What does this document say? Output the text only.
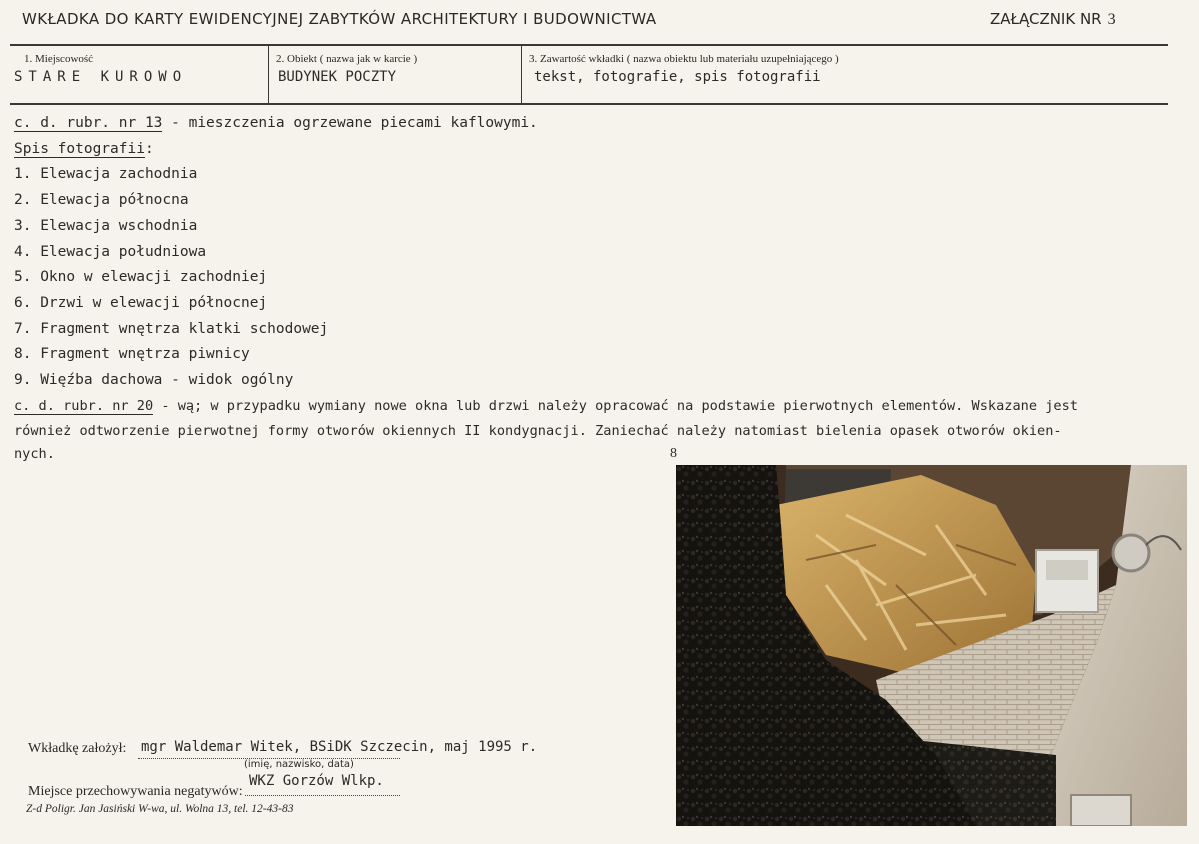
WKŁADKA DO KARTY EWIDENCYJNEJ ZABYTKÓW ARCHITEKTURY I BUDOWNICTWA	ZAŁĄCZNIK NR 3
1. Miejscowość
STARE KUROWO
2. Obiekt ( nazwa jak w karcie )
BUDYNEK POCZTY
3. Zawartość wkładki ( nazwa obiektu lub materiału uzupełniającego )
tekst, fotografie, spis fotografii
c. d. rubr. nr 13 - mieszczenia ogrzewane piecami kaflowymi.
Spis fotografii:
1. Elewacja zachodnia
2. Elewacja północna
3. Elewacja wschodnia
4. Elewacja południowa
5. Okno w elewacji zachodniej
6. Drzwi w elewacji północnej
7. Fragment wnętrza klatki schodowej
8. Fragment wnętrza piwnicy
9. Więźba dachowa - widok ogólny
c. d. rubr. nr 20 - wą; w przypadku wymiany nowe okna lub drzwi należy opracować na podstawie pierwotnych elementów. Wskazane jest
również odtworzenie pierwotnej formy otworów okiennych II kondygnacji. Zaniechać należy natomiast bielenia opasek otworów okien-
nych.	8
Wkładkę założył: mgr Waldemar Witek, BSiDK Szczecin, maj 1995 r.
(imię, nazwisko, data)
Miejsce przechowywania negatywów:
WKZ Gorzów Wlkp.
Z-d Poligr. Jan Jasiński W-wa, ul. Wolna 13, tel. 12-43-83
